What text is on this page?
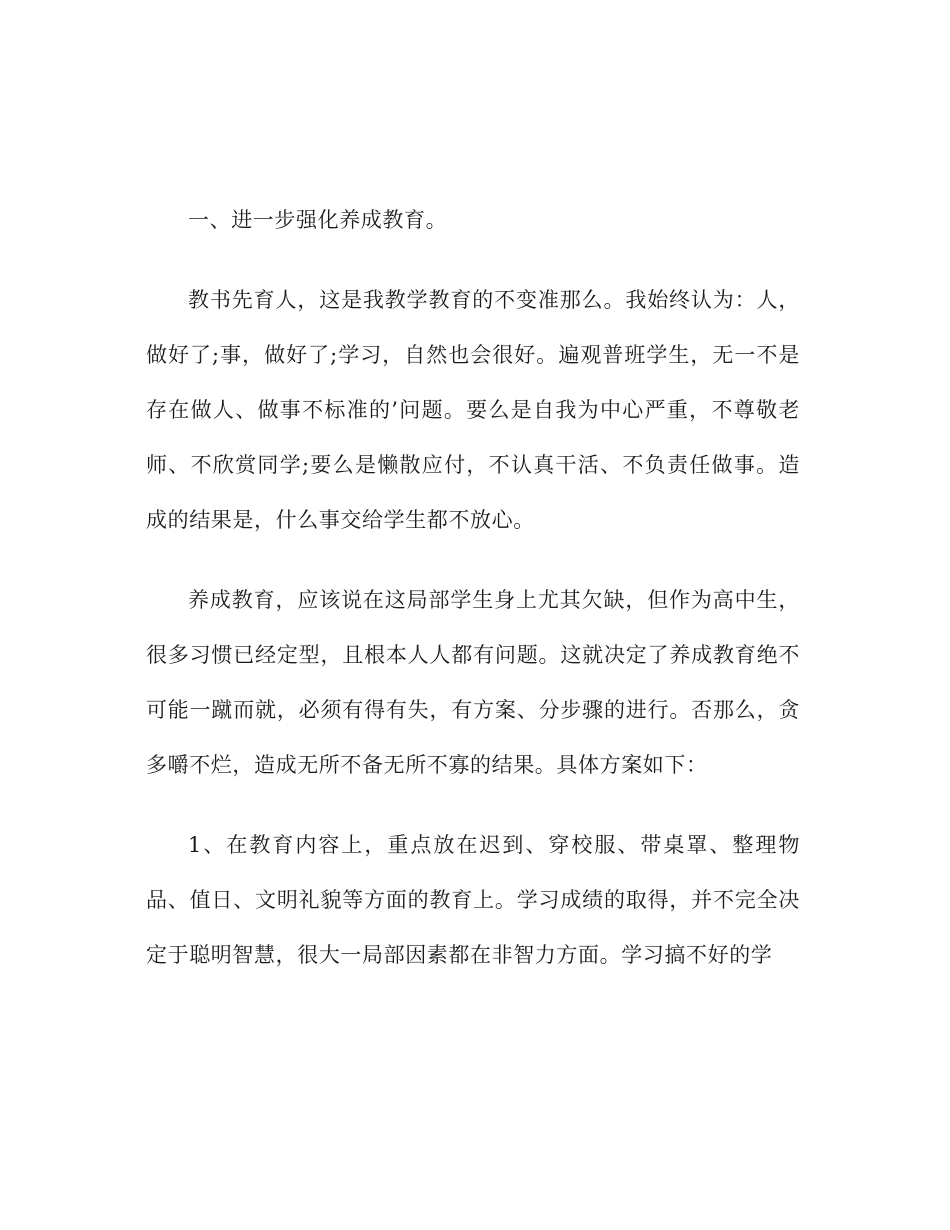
一、进一步强化养成教育。

教书先育人，这是我教学教育的不变准那么。我始终认为：人，做好了;事，做好了;学习，自然也会很好。遍观普班学生，无一不是存在做人、做事不标准的’问题。要么是自我为中心严重，不尊敬老师、不欣赏同学;要么是懒散应付，不认真干活、不负责任做事。造成的结果是，什么事交给学生都不放心。

养成教育，应该说在这局部学生身上尤其欠缺，但作为高中生，很多习惯已经定型，且根本人人都有问题。这就决定了养成教育绝不可能一蹴而就，必须有得有失，有方案、分步骤的进行。否那么，贪多嚼不烂，造成无所不备无所不寡的结果。具体方案如下：

1、在教育内容上，重点放在迟到、穿校服、带桌罩、整理物品、值日、文明礼貌等方面的教育上。学习成绩的取得，并不完全决定于聪明智慧，很大一局部因素都在非智力方面。学习搞不好的学
